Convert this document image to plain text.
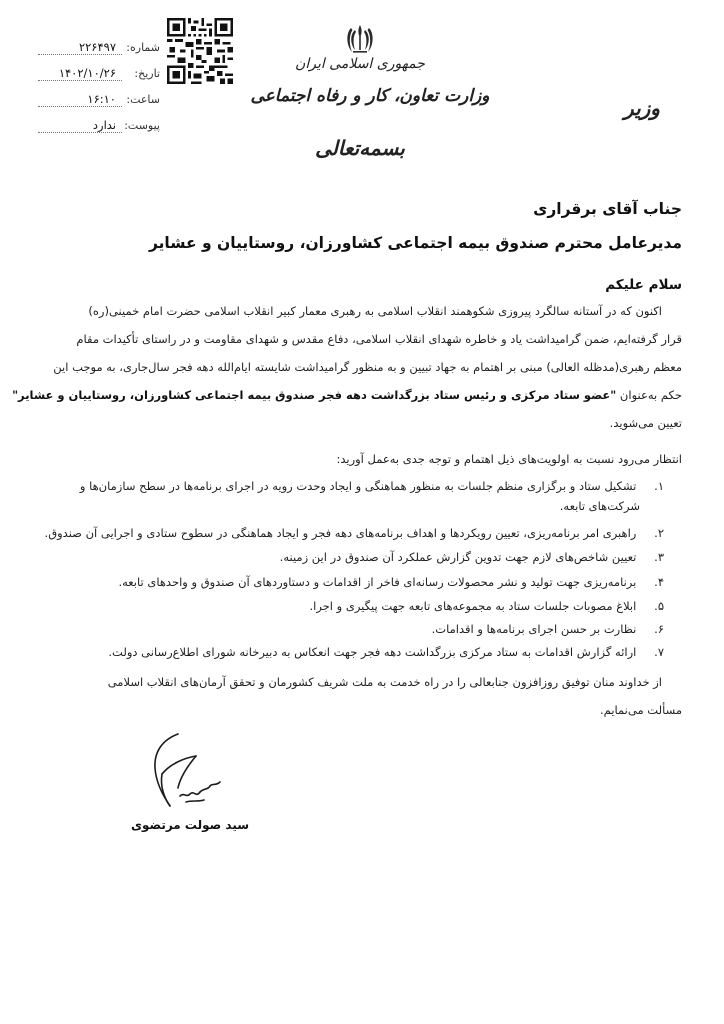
شماره:
۲۲۶۴۹۷
تاریخ:
۱۴۰۲/۱۰/۲۶
ساعت:
۱۶:۱۰
پیوست:
ندارد
جمهوری اسلامی ایران
وزارت تعاون، کار و رفاه اجتماعی
بسمه‌تعالی
وزیر
جناب آقای برقراری
مدیرعامل محترم صندوق بیمه اجتماعی کشاورزان، روستاییان و عشایر
سلام علیکم
اکنون که در آستانه سالگرد پیروزی شکوهمند انقلاب اسلامی به رهبری معمار کبیر انقلاب اسلامی حضرت امام خمینی(ره)
قرار گرفته‌ایم، ضمن گرامیداشت یاد و خاطره شهدای انقلاب اسلامی، دفاع مقدس و شهدای مقاومت و در راستای تأکیدات مقام
معظم رهبری(مدظله العالی) مبنی بر اهتمام به جهاد تبیین و به منظور گرامیداشت شایسته ایام‌الله دهه فجر سال‌جاری، به موجب این
حکم به‌عنوان "عضو ستاد مرکزی و رئیس ستاد بزرگداشت دهه فجر صندوق بیمه اجتماعی کشاورزان، روستاییان و عشایر"
تعیین می‌شوید.
انتظار می‌رود نسبت به اولویت‌های ذیل اهتمام و توجه جدی به‌عمل آورید:
۱. تشکیل ستاد و برگزاری منظم جلسات به منظور هماهنگی و ایجاد وحدت رویه در اجرای برنامه‌ها در سطح سازمان‌ها و
شرکت‌های تابعه.
۲. راهبری امر برنامه‌ریزی، تعیین رویکردها و اهداف برنامه‌های دهه فجر و ایجاد هماهنگی در سطوح ستادی و اجرایی آن صندوق.
۳. تعیین شاخص‌های لازم جهت تدوین گزارش عملکرد آن صندوق در این زمینه.
۴. برنامه‌ریزی جهت تولید و نشر محصولات رسانه‌ای فاخر از اقدامات و دستاوردهای آن صندوق و واحدهای تابعه.
۵. ابلاغ مصوبات جلسات ستاد به مجموعه‌های تابعه جهت پیگیری و اجرا.
۶. نظارت بر حسن اجرای برنامه‌ها و اقدامات.
۷. ارائه گزارش اقدامات به ستاد مرکزی بزرگداشت دهه فجر جهت انعکاس به دبیرخانه شورای اطلاع‌رسانی دولت.
از خداوند منان توفیق روزافزون جنابعالی را در راه خدمت به ملت شریف کشورمان و تحقق آرمان‌های انقلاب اسلامی
مسألت می‌نمایم.
سید صولت مرتضوی
